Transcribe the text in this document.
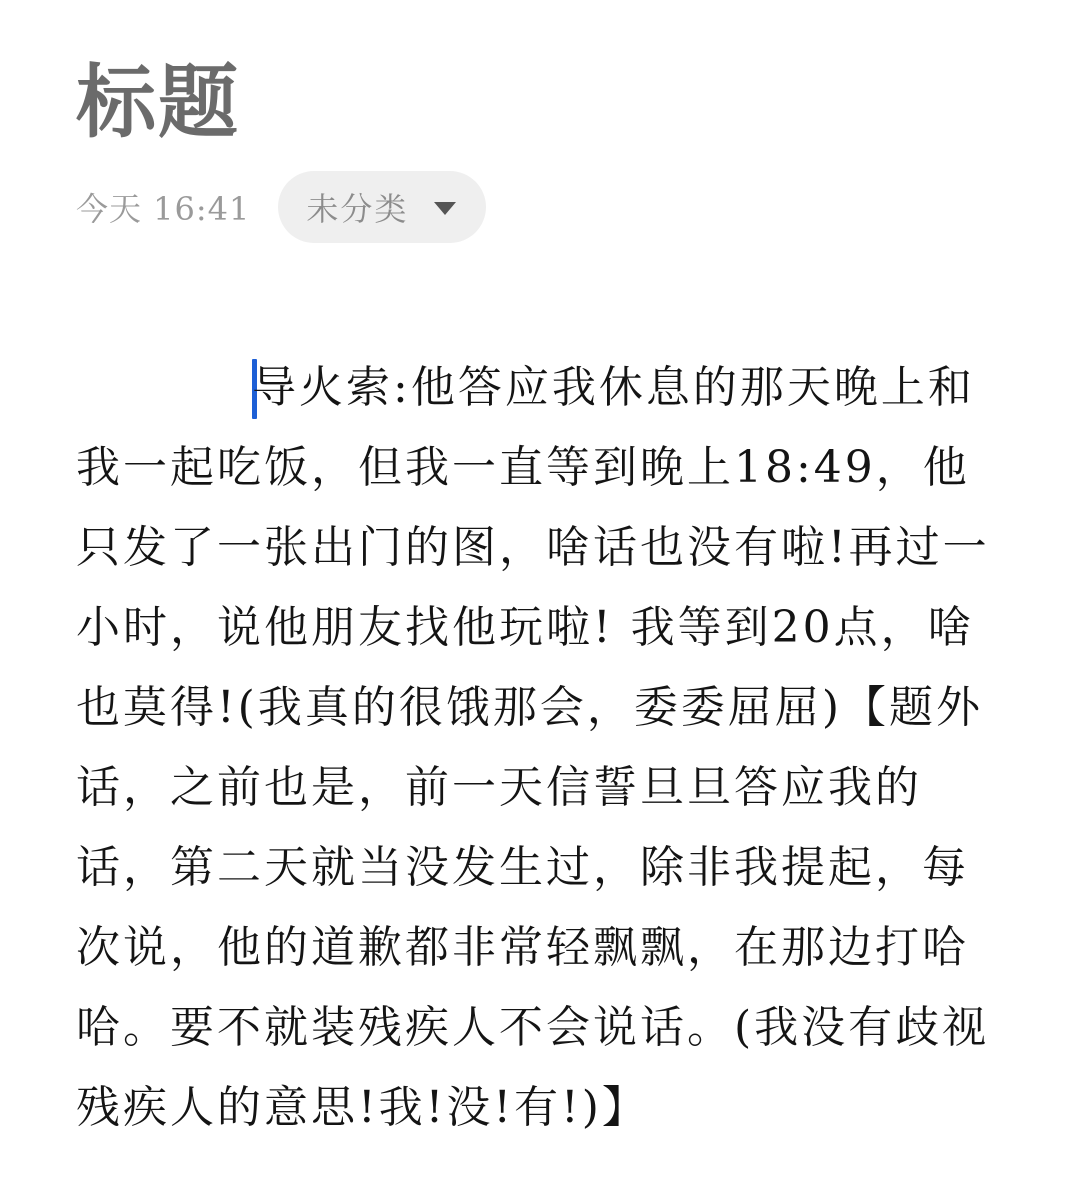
标题
今天 16:41 未分类

导火索:他答应我休息的那天晚上和我一起吃饭，但我一直等到晚上18:49，他只发了一张出门的图，啥话也没有啦!再过一小时，说他朋友找他玩啦! 我等到20点，啥也莫得!(我真的很饿那会，委委屈屈)【题外话，之前也是，前一天信誓旦旦答应我的话，第二天就当没发生过，除非我提起，每次说，他的道歉都非常轻飘飘，在那边打哈哈。要不就装残疾人不会说话。(我没有歧视残疾人的意思!我!没!有!)】
